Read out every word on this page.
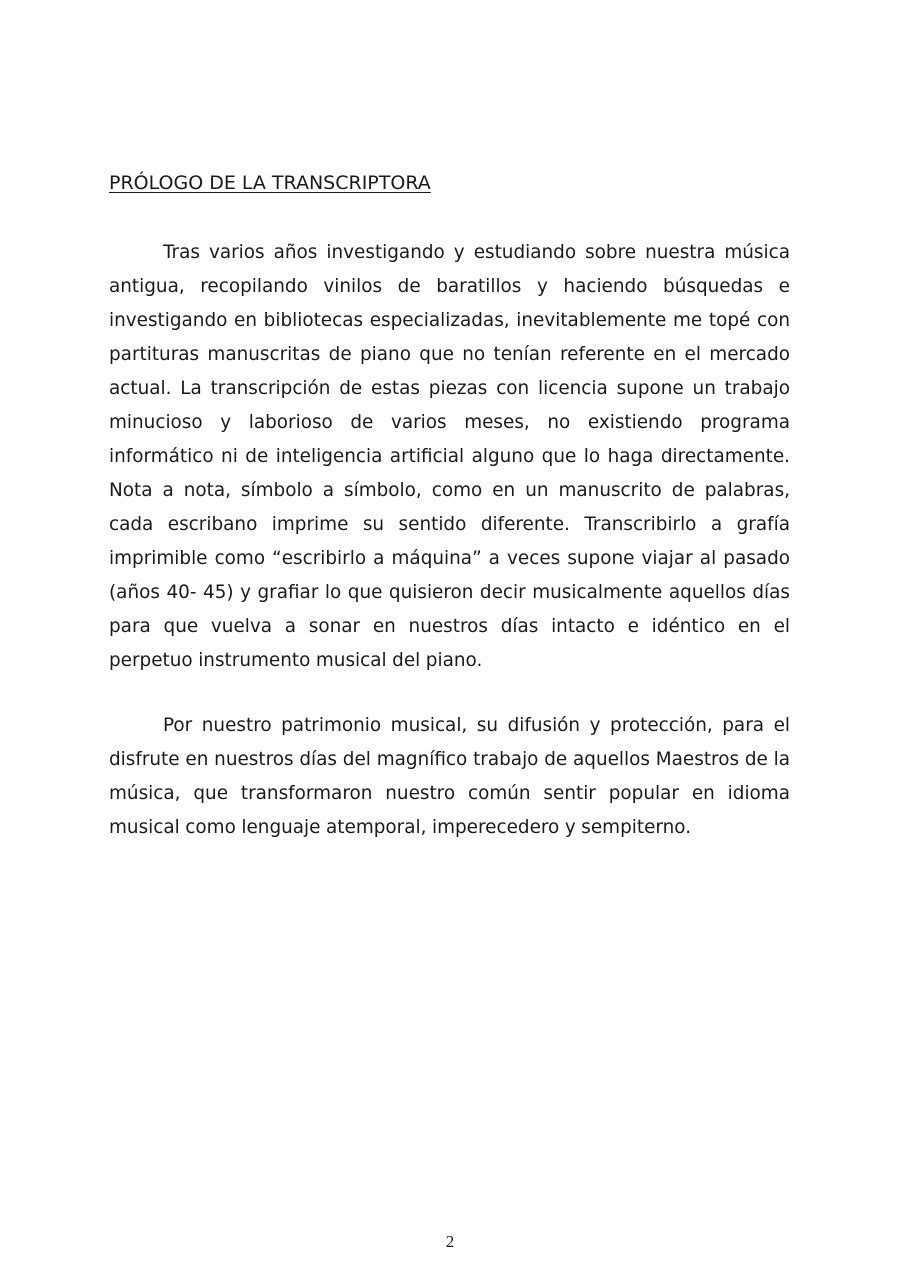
PRÓLOGO DE LA TRANSCRIPTORA

Tras varios años investigando y estudiando sobre nuestra música antigua, recopilando vinilos de baratillos y haciendo búsquedas e investigando en bibliotecas especializadas, inevitablemente me topé con partituras manuscritas de piano que no tenían referente en el mercado actual. La transcripción de estas piezas con licencia supone un trabajo minucioso y laborioso de varios meses, no existiendo programa informático ni de inteligencia artificial alguno que lo haga directamente. Nota a nota, símbolo a símbolo, como en un manuscrito de palabras, cada escribano imprime su sentido diferente. Transcribirlo a grafía imprimible como “escribirlo a máquina” a veces supone viajar al pasado (años 40- 45) y grafiar lo que quisieron decir musicalmente aquellos días para que vuelva a sonar en nuestros días intacto e idéntico en el perpetuo instrumento musical del piano.

Por nuestro patrimonio musical, su difusión y protección, para el disfrute en nuestros días del magnífico trabajo de aquellos Maestros de la música, que transformaron nuestro común sentir popular en idioma musical como lenguaje atemporal, imperecedero y sempiterno.

2
